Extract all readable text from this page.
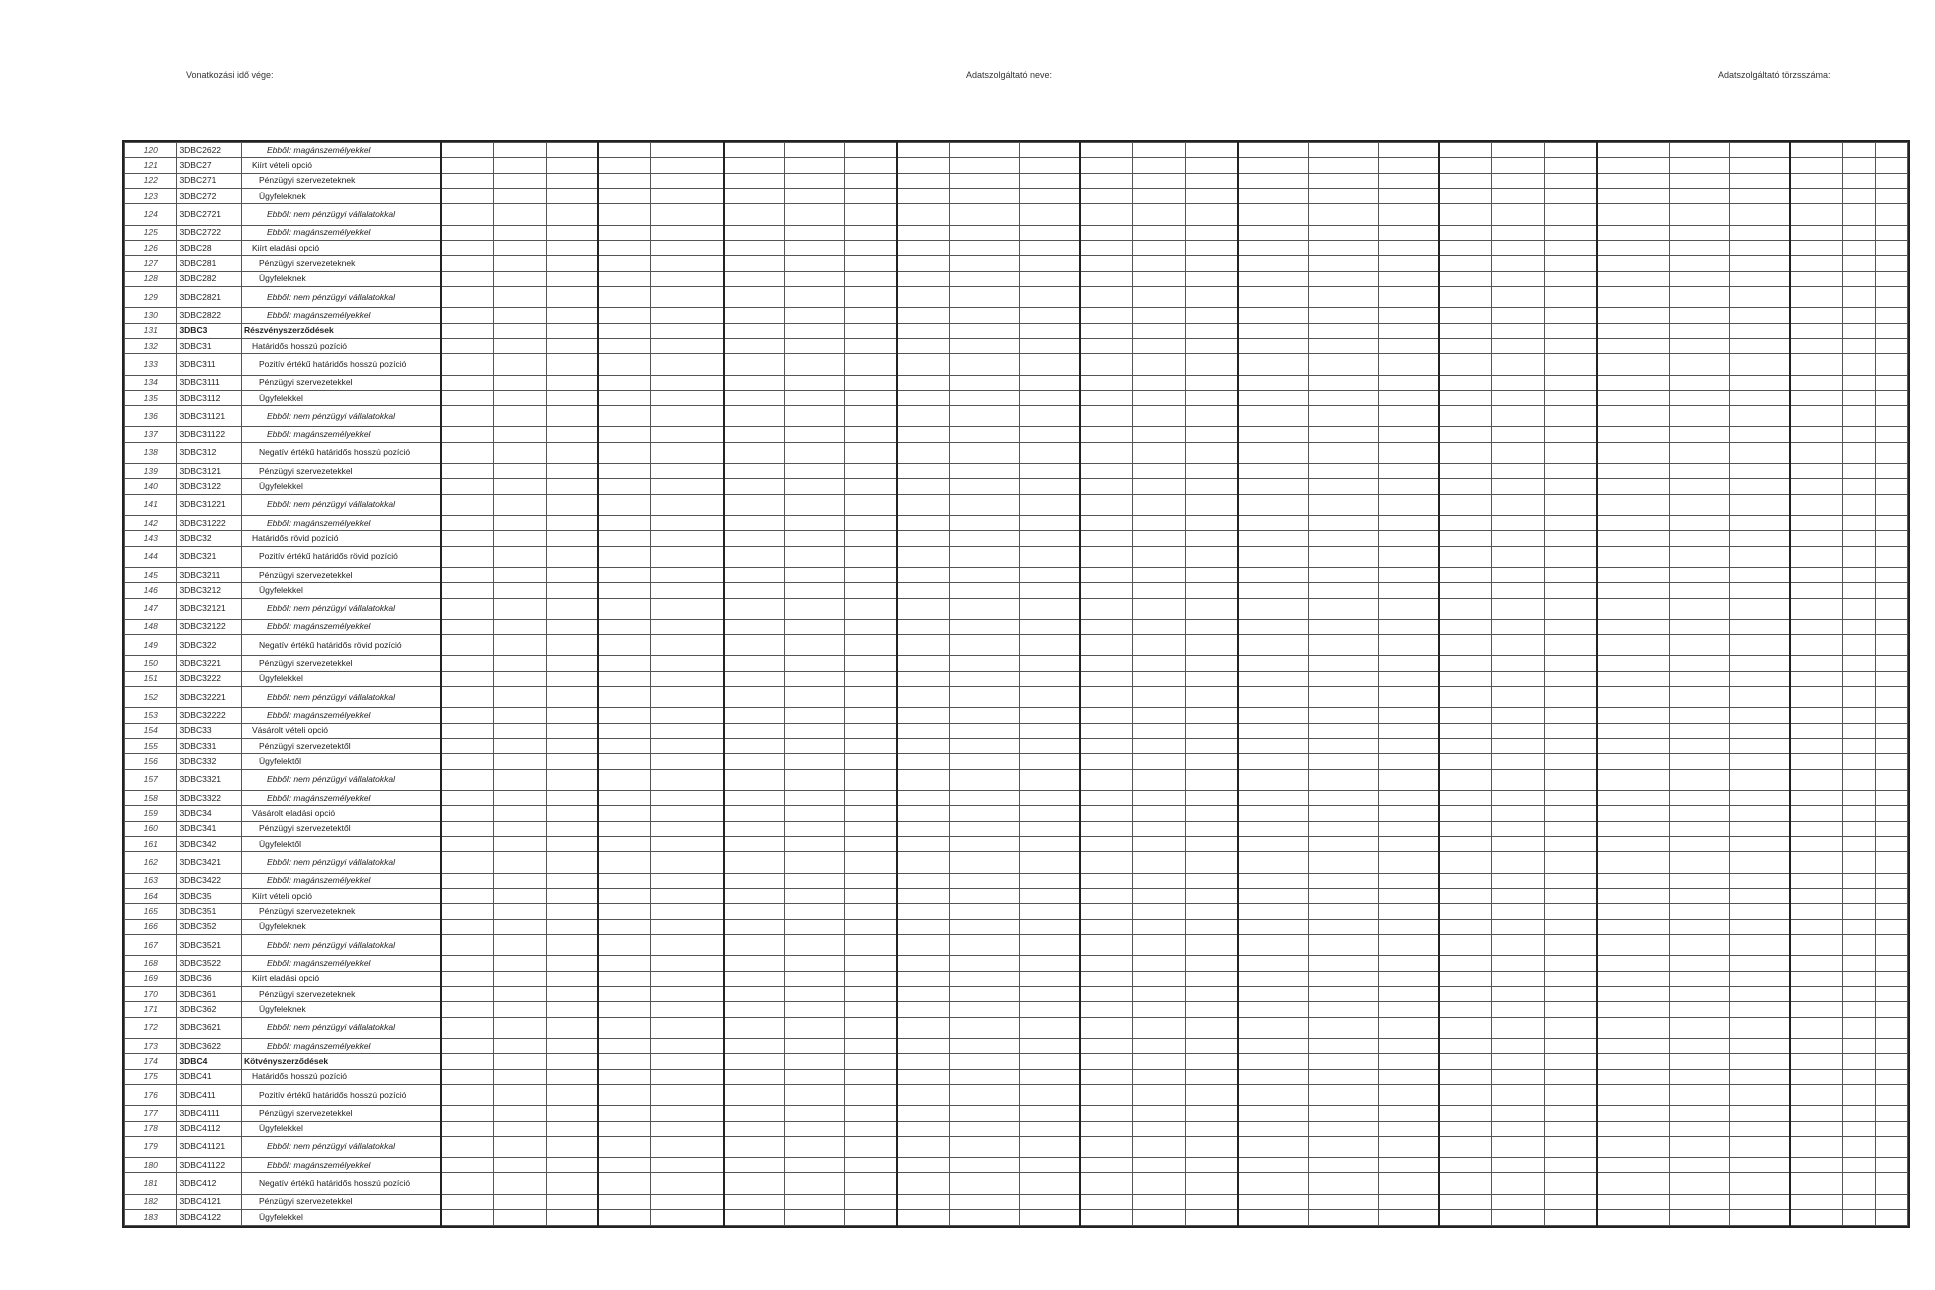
Vonatkozási idő vége:	Adatszolgáltató neve:	Adatszolgáltató törzsszáma:
120	3DBC2622	Ebből: magánszemélyekkel																										
121	3DBC27	Kiírt vételi opció																										
122	3DBC271	Pénzügyi szervezeteknek																										
123	3DBC272	Ügyfeleknek																										
124	3DBC2721	Ebből: nem pénzügyi vállalatokkal																										
125	3DBC2722	Ebből: magánszemélyekkel																										
126	3DBC28	Kiírt eladási opció																										
127	3DBC281	Pénzügyi szervezeteknek																										
128	3DBC282	Ügyfeleknek																										
129	3DBC2821	Ebből: nem pénzügyi vállalatokkal																										
130	3DBC2822	Ebből: magánszemélyekkel																										
131	3DBC3	Részvényszerződések																										
132	3DBC31	Határidős hosszú pozíció																										
133	3DBC311	Pozitív értékű határidős hosszú pozíció																										
134	3DBC3111	Pénzügyi szervezetekkel																										
135	3DBC3112	Ügyfelekkel																										
136	3DBC31121	Ebből: nem pénzügyi vállalatokkal																										
137	3DBC31122	Ebből: magánszemélyekkel																										
138	3DBC312	Negatív értékű határidős hosszú pozíció																										
139	3DBC3121	Pénzügyi szervezetekkel																										
140	3DBC3122	Ügyfelekkel																										
141	3DBC31221	Ebből: nem pénzügyi vállalatokkal																										
142	3DBC31222	Ebből: magánszemélyekkel																										
143	3DBC32	Határidős rövid pozíció																										
144	3DBC321	Pozitív értékű határidős rövid pozíció																										
145	3DBC3211	Pénzügyi szervezetekkel																										
146	3DBC3212	Ügyfelekkel																										
147	3DBC32121	Ebből: nem pénzügyi vállalatokkal																										
148	3DBC32122	Ebből: magánszemélyekkel																										
149	3DBC322	Negatív értékű határidős rövid pozíció																										
150	3DBC3221	Pénzügyi szervezetekkel																										
151	3DBC3222	Ügyfelekkel																										
152	3DBC32221	Ebből: nem pénzügyi vállalatokkal																										
153	3DBC32222	Ebből: magánszemélyekkel																										
154	3DBC33	Vásárolt vételi opció																										
155	3DBC331	Pénzügyi szervezetektől																										
156	3DBC332	Ügyfelektől																										
157	3DBC3321	Ebből: nem pénzügyi vállalatokkal																										
158	3DBC3322	Ebből: magánszemélyekkel																										
159	3DBC34	Vásárolt eladási opció																										
160	3DBC341	Pénzügyi szervezetektől																										
161	3DBC342	Ügyfelektől																										
162	3DBC3421	Ebből: nem pénzügyi vállalatokkal																										
163	3DBC3422	Ebből: magánszemélyekkel																										
164	3DBC35	Kiírt vételi opció																										
165	3DBC351	Pénzügyi szervezeteknek																										
166	3DBC352	Ügyfeleknek																										
167	3DBC3521	Ebből: nem pénzügyi vállalatokkal																										
168	3DBC3522	Ebből: magánszemélyekkel																										
169	3DBC36	Kiírt eladási opció																										
170	3DBC361	Pénzügyi szervezeteknek																										
171	3DBC362	Ügyfeleknek																										
172	3DBC3621	Ebből: nem pénzügyi vállalatokkal																										
173	3DBC3622	Ebből: magánszemélyekkel																										
174	3DBC4	Kötvényszerződések																										
175	3DBC41	Határidős hosszú pozíció																										
176	3DBC411	Pozitív értékű határidős hosszú pozíció																										
177	3DBC4111	Pénzügyi szervezetekkel																										
178	3DBC4112	Ügyfelekkel																										
179	3DBC41121	Ebből: nem pénzügyi vállalatokkal																										
180	3DBC41122	Ebből: magánszemélyekkel																										
181	3DBC412	Negatív értékű határidős hosszú pozíció																										
182	3DBC4121	Pénzügyi szervezetekkel																										
183	3DBC4122	Ügyfelekkel																										
